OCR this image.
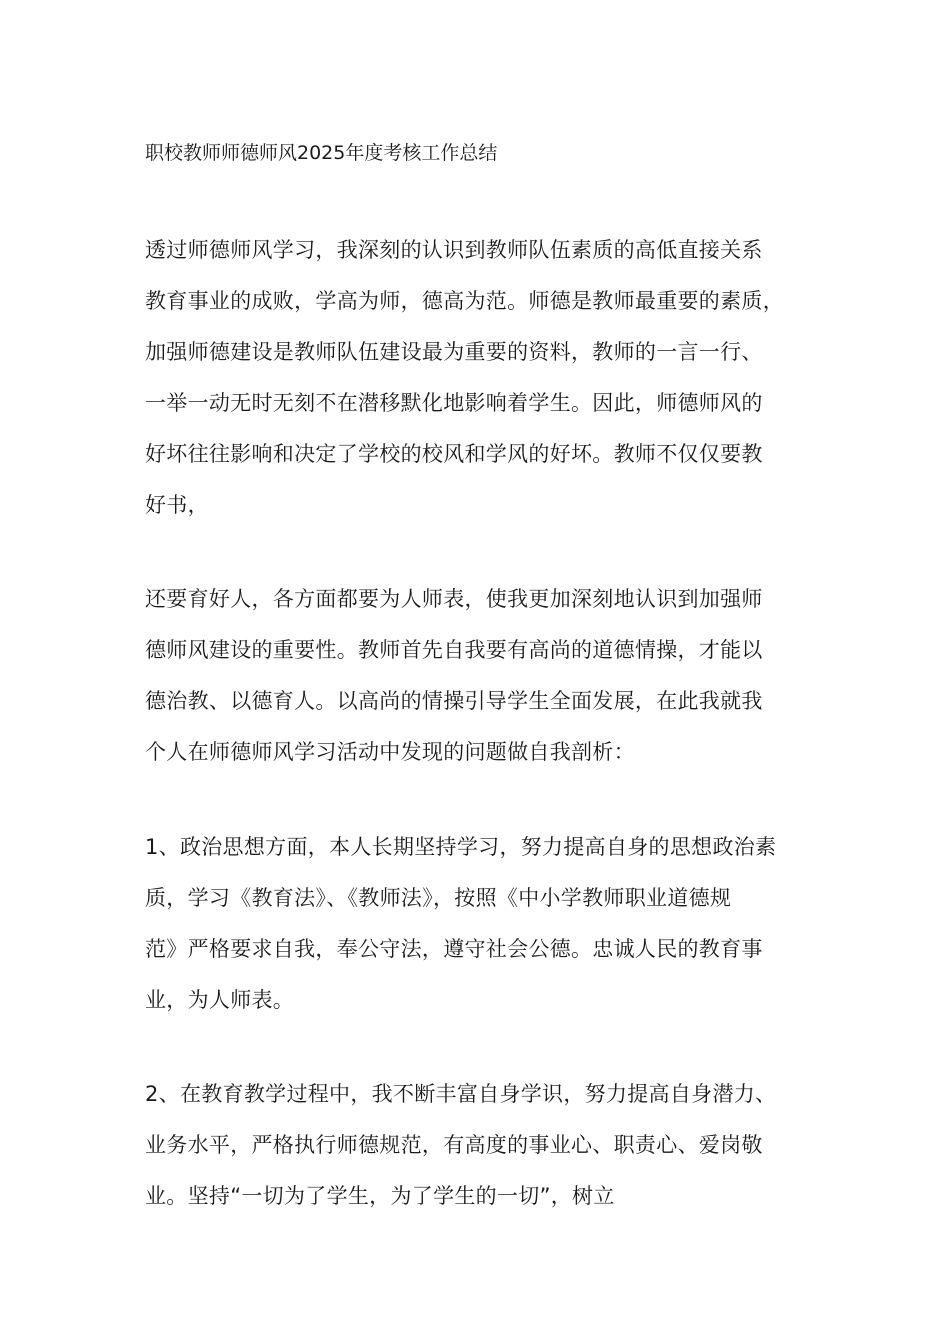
职校教师师德师风2025年度考核工作总结
透过师德师风学习，我深刻的认识到教师队伍素质的高低直接关系
教育事业的成败，学高为师，德高为范。师德是教师最重要的素质，
加强师德建设是教师队伍建设最为重要的资料，教师的一言一行、
一举一动无时无刻不在潜移默化地影响着学生。因此，师德师风的
好坏往往影响和决定了学校的校风和学风的好坏。教师不仅仅要教
好书，
还要育好人，各方面都要为人师表，使我更加深刻地认识到加强师
德师风建设的重要性。教师首先自我要有高尚的道德情操，才能以
德治教、以德育人。以高尚的情操引导学生全面发展，在此我就我
个人在师德师风学习活动中发现的问题做自我剖析：
1、政治思想方面，本人长期坚持学习，努力提高自身的思想政治素
质，学习《教育法》、《教师法》，按照《中小学教师职业道德规
范》严格要求自我，奉公守法，遵守社会公德。忠诚人民的教育事
业，为人师表。
2、在教育教学过程中，我不断丰富自身学识，努力提高自身潜力、
业务水平，严格执行师德规范，有高度的事业心、职责心、爱岗敬
业。坚持“一切为了学生，为了学生的一切”，树立
